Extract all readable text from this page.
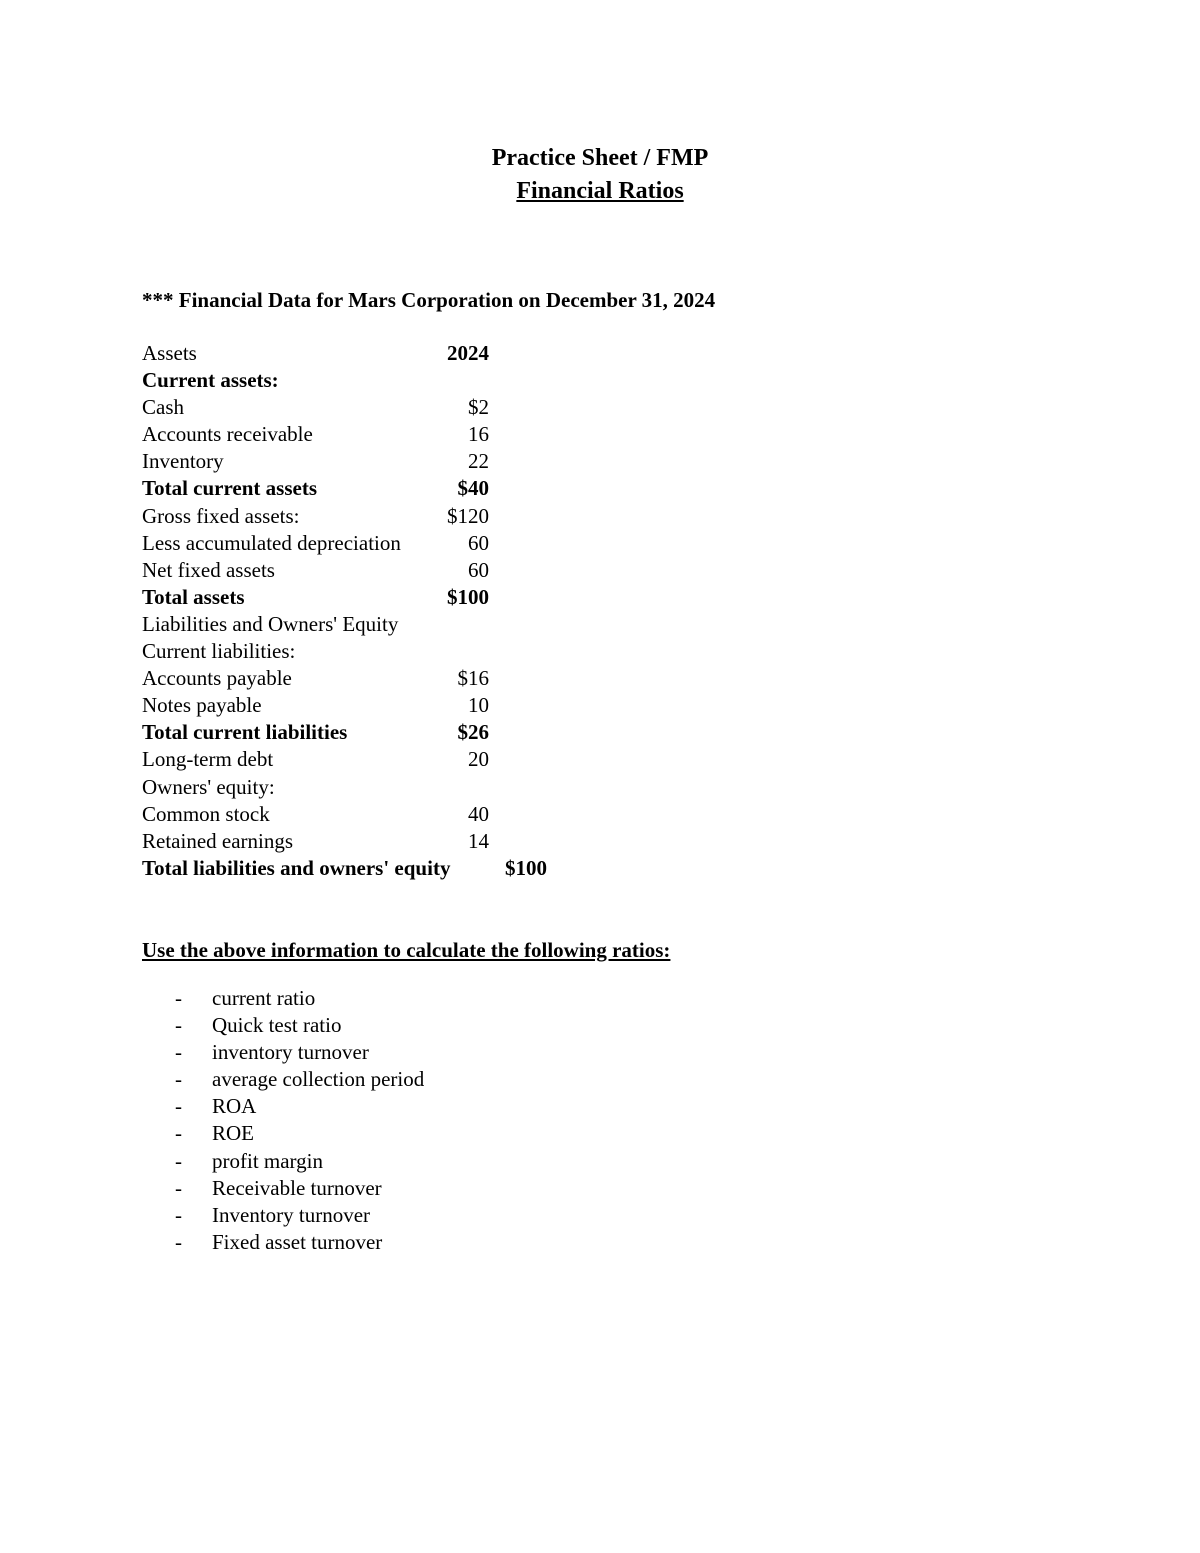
Practice Sheet / FMP
Financial Ratios
*** Financial Data for Mars Corporation on December 31, 2024
Assets	2024
Current assets:
Cash	$2
Accounts receivable	16
Inventory	22
Total current assets	$40
Gross fixed assets:	$120
Less accumulated depreciation	60
Net fixed assets	60
Total assets	$100
Liabilities and Owners' Equity
Current liabilities:
Accounts payable	$16
Notes payable	10
Total current liabilities	$26
Long-term debt	20
Owners' equity:
Common stock	40
Retained earnings	14
Total liabilities and owners' equity	$100
Use the above information to calculate the following ratios:
- current ratio
- Quick test ratio
- inventory turnover
- average collection period
- ROA
- ROE
- profit margin
- Receivable turnover
- Inventory turnover
- Fixed asset turnover
